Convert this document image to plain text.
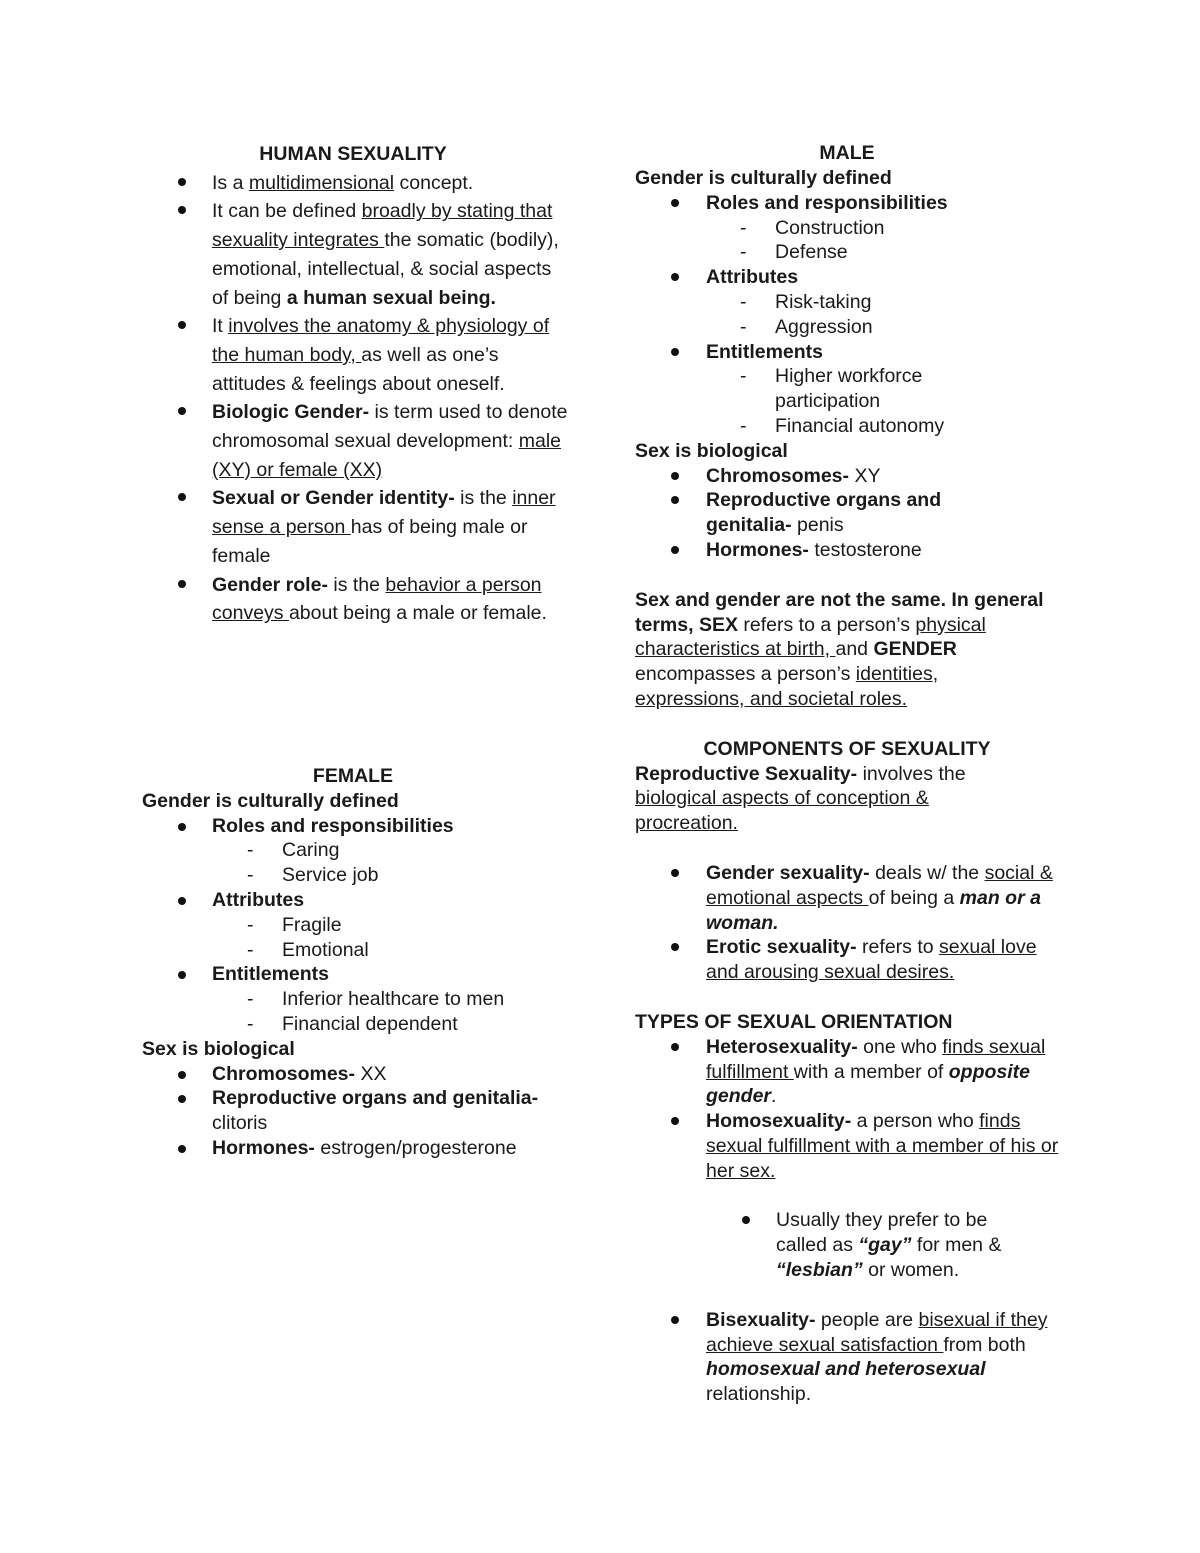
HUMAN SEXUALITY
Is a multidimensional concept.
It can be defined broadly by stating that sexuality integrates the somatic (bodily), emotional, intellectual, & social aspects of being a human sexual being.
It involves the anatomy & physiology of the human body, as well as one’s attitudes & feelings about oneself.
Biologic Gender- is term used to denote chromosomal sexual development: male (XY) or female (XX)
Sexual or Gender identity- is the inner sense a person has of being male or female
Gender role- is the behavior a person conveys about being a male or female.
FEMALE
Gender is culturally defined
Roles and responsibilities
- Caring
- Service job
Attributes
- Fragile
- Emotional
Entitlements
- Inferior healthcare to men
- Financial dependent
Sex is biological
Chromosomes- XX
Reproductive organs and genitalia- clitoris
Hormones- estrogen/progesterone
MALE
Gender is culturally defined
Roles and responsibilities
- Construction
- Defense
Attributes
- Risk-taking
- Aggression
Entitlements
- Higher workforce participation
- Financial autonomy
Sex is biological
Chromosomes- XY
Reproductive organs and genitalia- penis
Hormones- testosterone
Sex and gender are not the same. In general terms, SEX refers to a person’s physical characteristics at birth, and GENDER encompasses a person’s identities, expressions, and societal roles.
COMPONENTS OF SEXUALITY
Reproductive Sexuality- involves the biological aspects of conception & procreation.
Gender sexuality- deals w/ the social & emotional aspects of being a man or a woman.
Erotic sexuality- refers to sexual love and arousing sexual desires.
TYPES OF SEXUAL ORIENTATION
Heterosexuality- one who finds sexual fulfillment with a member of opposite gender.
Homosexuality- a person who finds sexual fulfillment with a member of his or her sex.
Usually they prefer to be called as “gay” for men & “lesbian” or women.
Bisexuality- people are bisexual if they achieve sexual satisfaction from both homosexual and heterosexual relationship.
